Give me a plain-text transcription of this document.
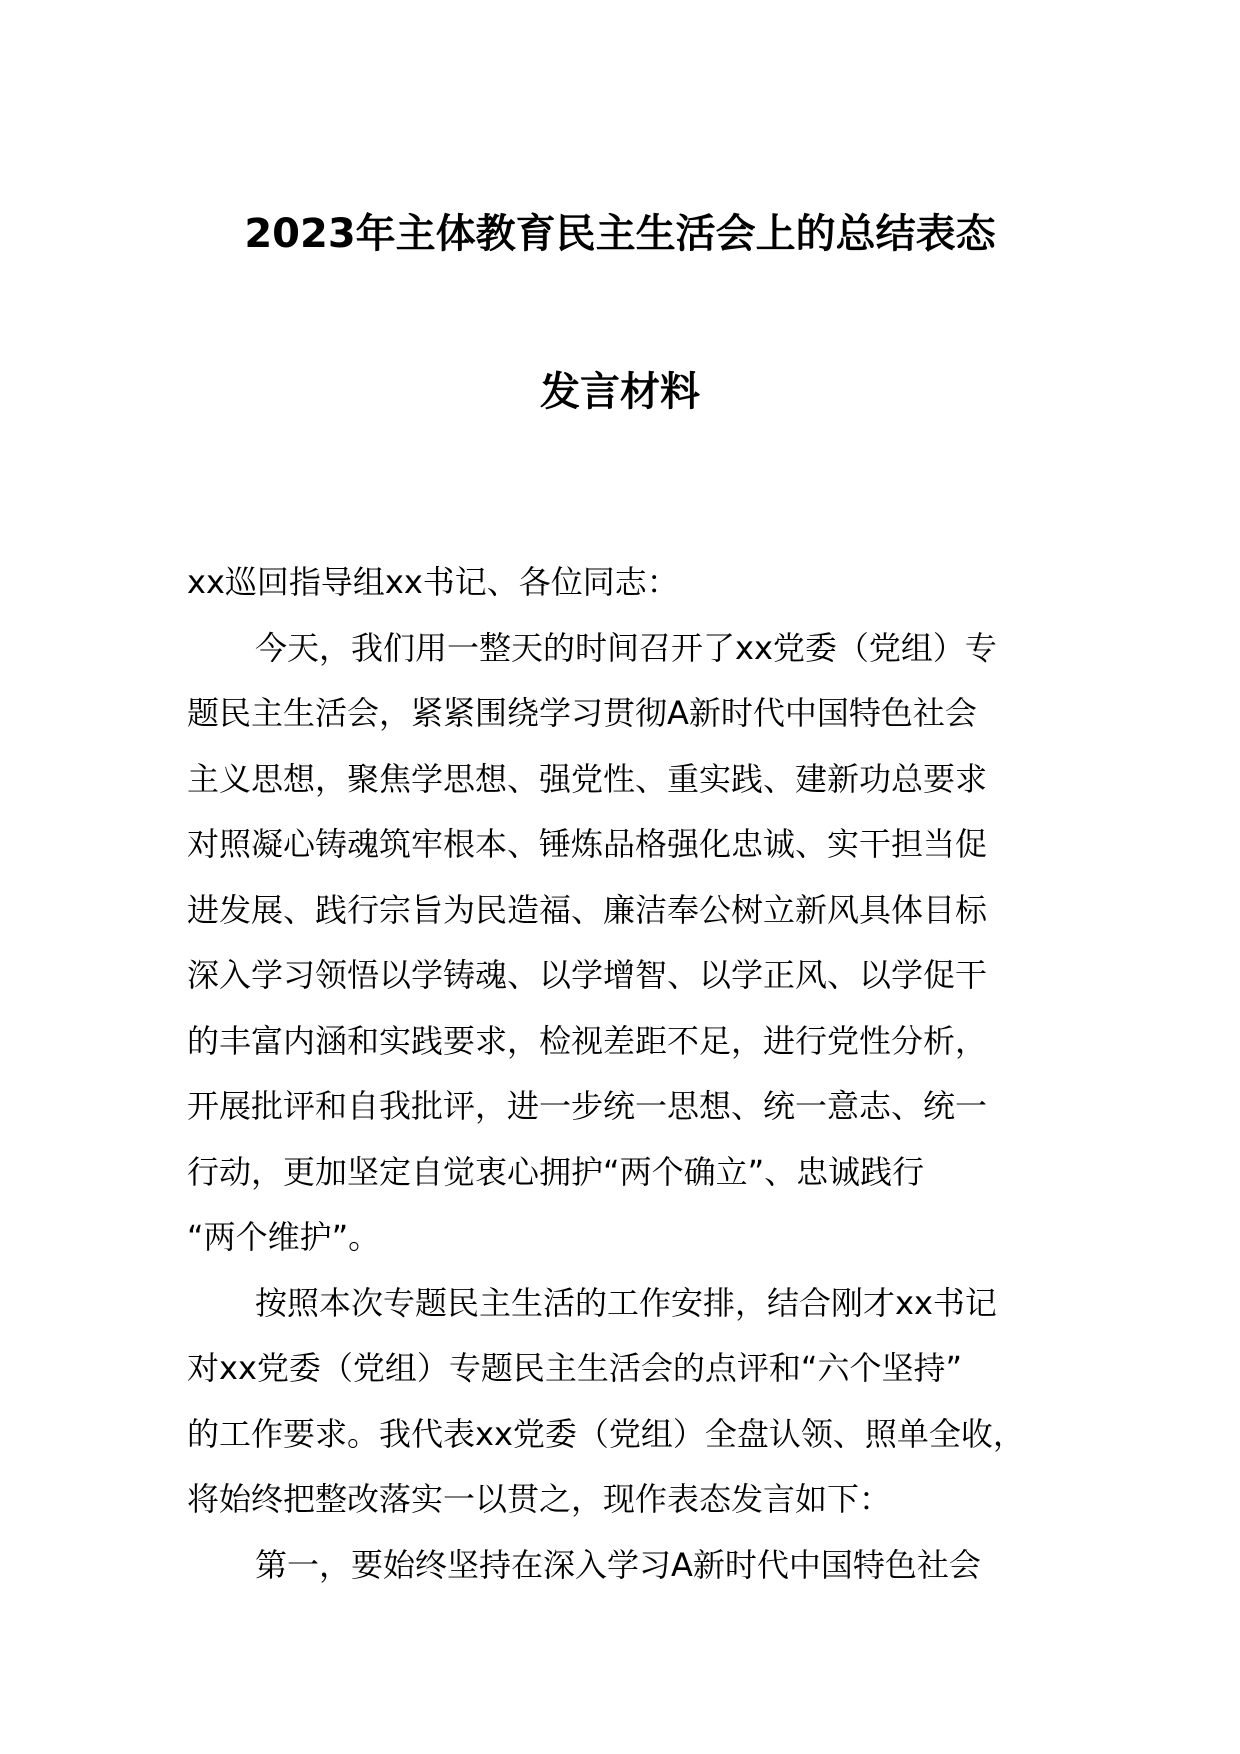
2023年主体教育民主生活会上的总结表态
发言材料
xx巡回指导组xx书记、各位同志：
今天，我们用一整天的时间召开了xx党委（党组）专
题民主生活会，紧紧围绕学习贯彻A新时代中国特色社会
主义思想，聚焦学思想、强党性、重实践、建新功总要求
对照凝心铸魂筑牢根本、锤炼品格强化忠诚、实干担当促
进发展、践行宗旨为民造福、廉洁奉公树立新风具体目标
深入学习领悟以学铸魂、以学增智、以学正风、以学促干
的丰富内涵和实践要求，检视差距不足，进行党性分析，
开展批评和自我批评，进一步统一思想、统一意志、统一
行动，更加坚定自觉衷心拥护“两个确立”、忠诚践行
“两个维护”。
按照本次专题民主生活的工作安排，结合刚才xx书记
对xx党委（党组）专题民主生活会的点评和“六个坚持”
的工作要求。我代表xx党委（党组）全盘认领、照单全收，
将始终把整改落实一以贯之，现作表态发言如下：
第一，要始终坚持在深入学习A新时代中国特色社会
